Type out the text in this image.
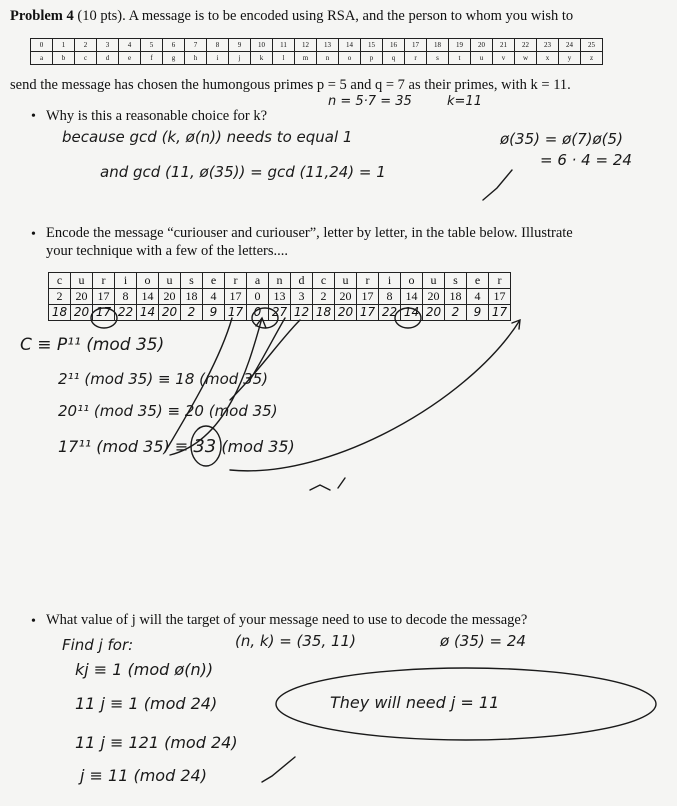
Problem 4 (10 pts). A message is to be encoded using RSA, and the person to whom you wish to
0	1	2	3	4	5	6	7	8	9	10	11	12	13	14	15	16	17	18	19	20	21	22	23	24	25
a	b	c	d	e	f	g	h	i	j	k	l	m	n	o	p	q	r	s	t	u	v	w	x	y	z
send the message has chosen the humongous primes p = 5 and q = 7 as their primes, with k = 11.
• Why is this a reasonable choice for k?
n = 5·7 = 35	k=11
because gcd (k, ø(n)) needs to equal 1
and gcd (11, ø(35)) = gcd (11,24) = 1
ø(35) = ø(7)ø(5)
= 6 · 4 = 24
• Encode the message “curiouser and curiouser”, letter by letter, in the table below. Illustrate
your technique with a few of the letters....
c	u	r	i	o	u	s	e	r	a	n	d	c	u	r	i	o	u	s	e	r
2	20	17	8	14	20	18	4	17	0	13	3	2	20	17	8	14	20	18	4	17
18	20	17	22	14	20	2	9	17	0	27	12	18	20	17	22	14	20	2	9	17
C ≡ P¹¹ (mod 35)
2¹¹ (mod 35) ≡ 18 (mod 35)
20¹¹ (mod 35) ≡ 20 (mod 35)
17¹¹ (mod 35) ≡ 33 (mod 35)
• What value of j will the target of your message need to use to decode the message?
Find j for:	(n, k) = (35, 11)	ø (35) = 24
kj ≡ 1 (mod ø(n))
11 j ≡ 1 (mod 24)
11 j ≡ 121 (mod 24)
j ≡ 11 (mod 24)
They will need j = 11
